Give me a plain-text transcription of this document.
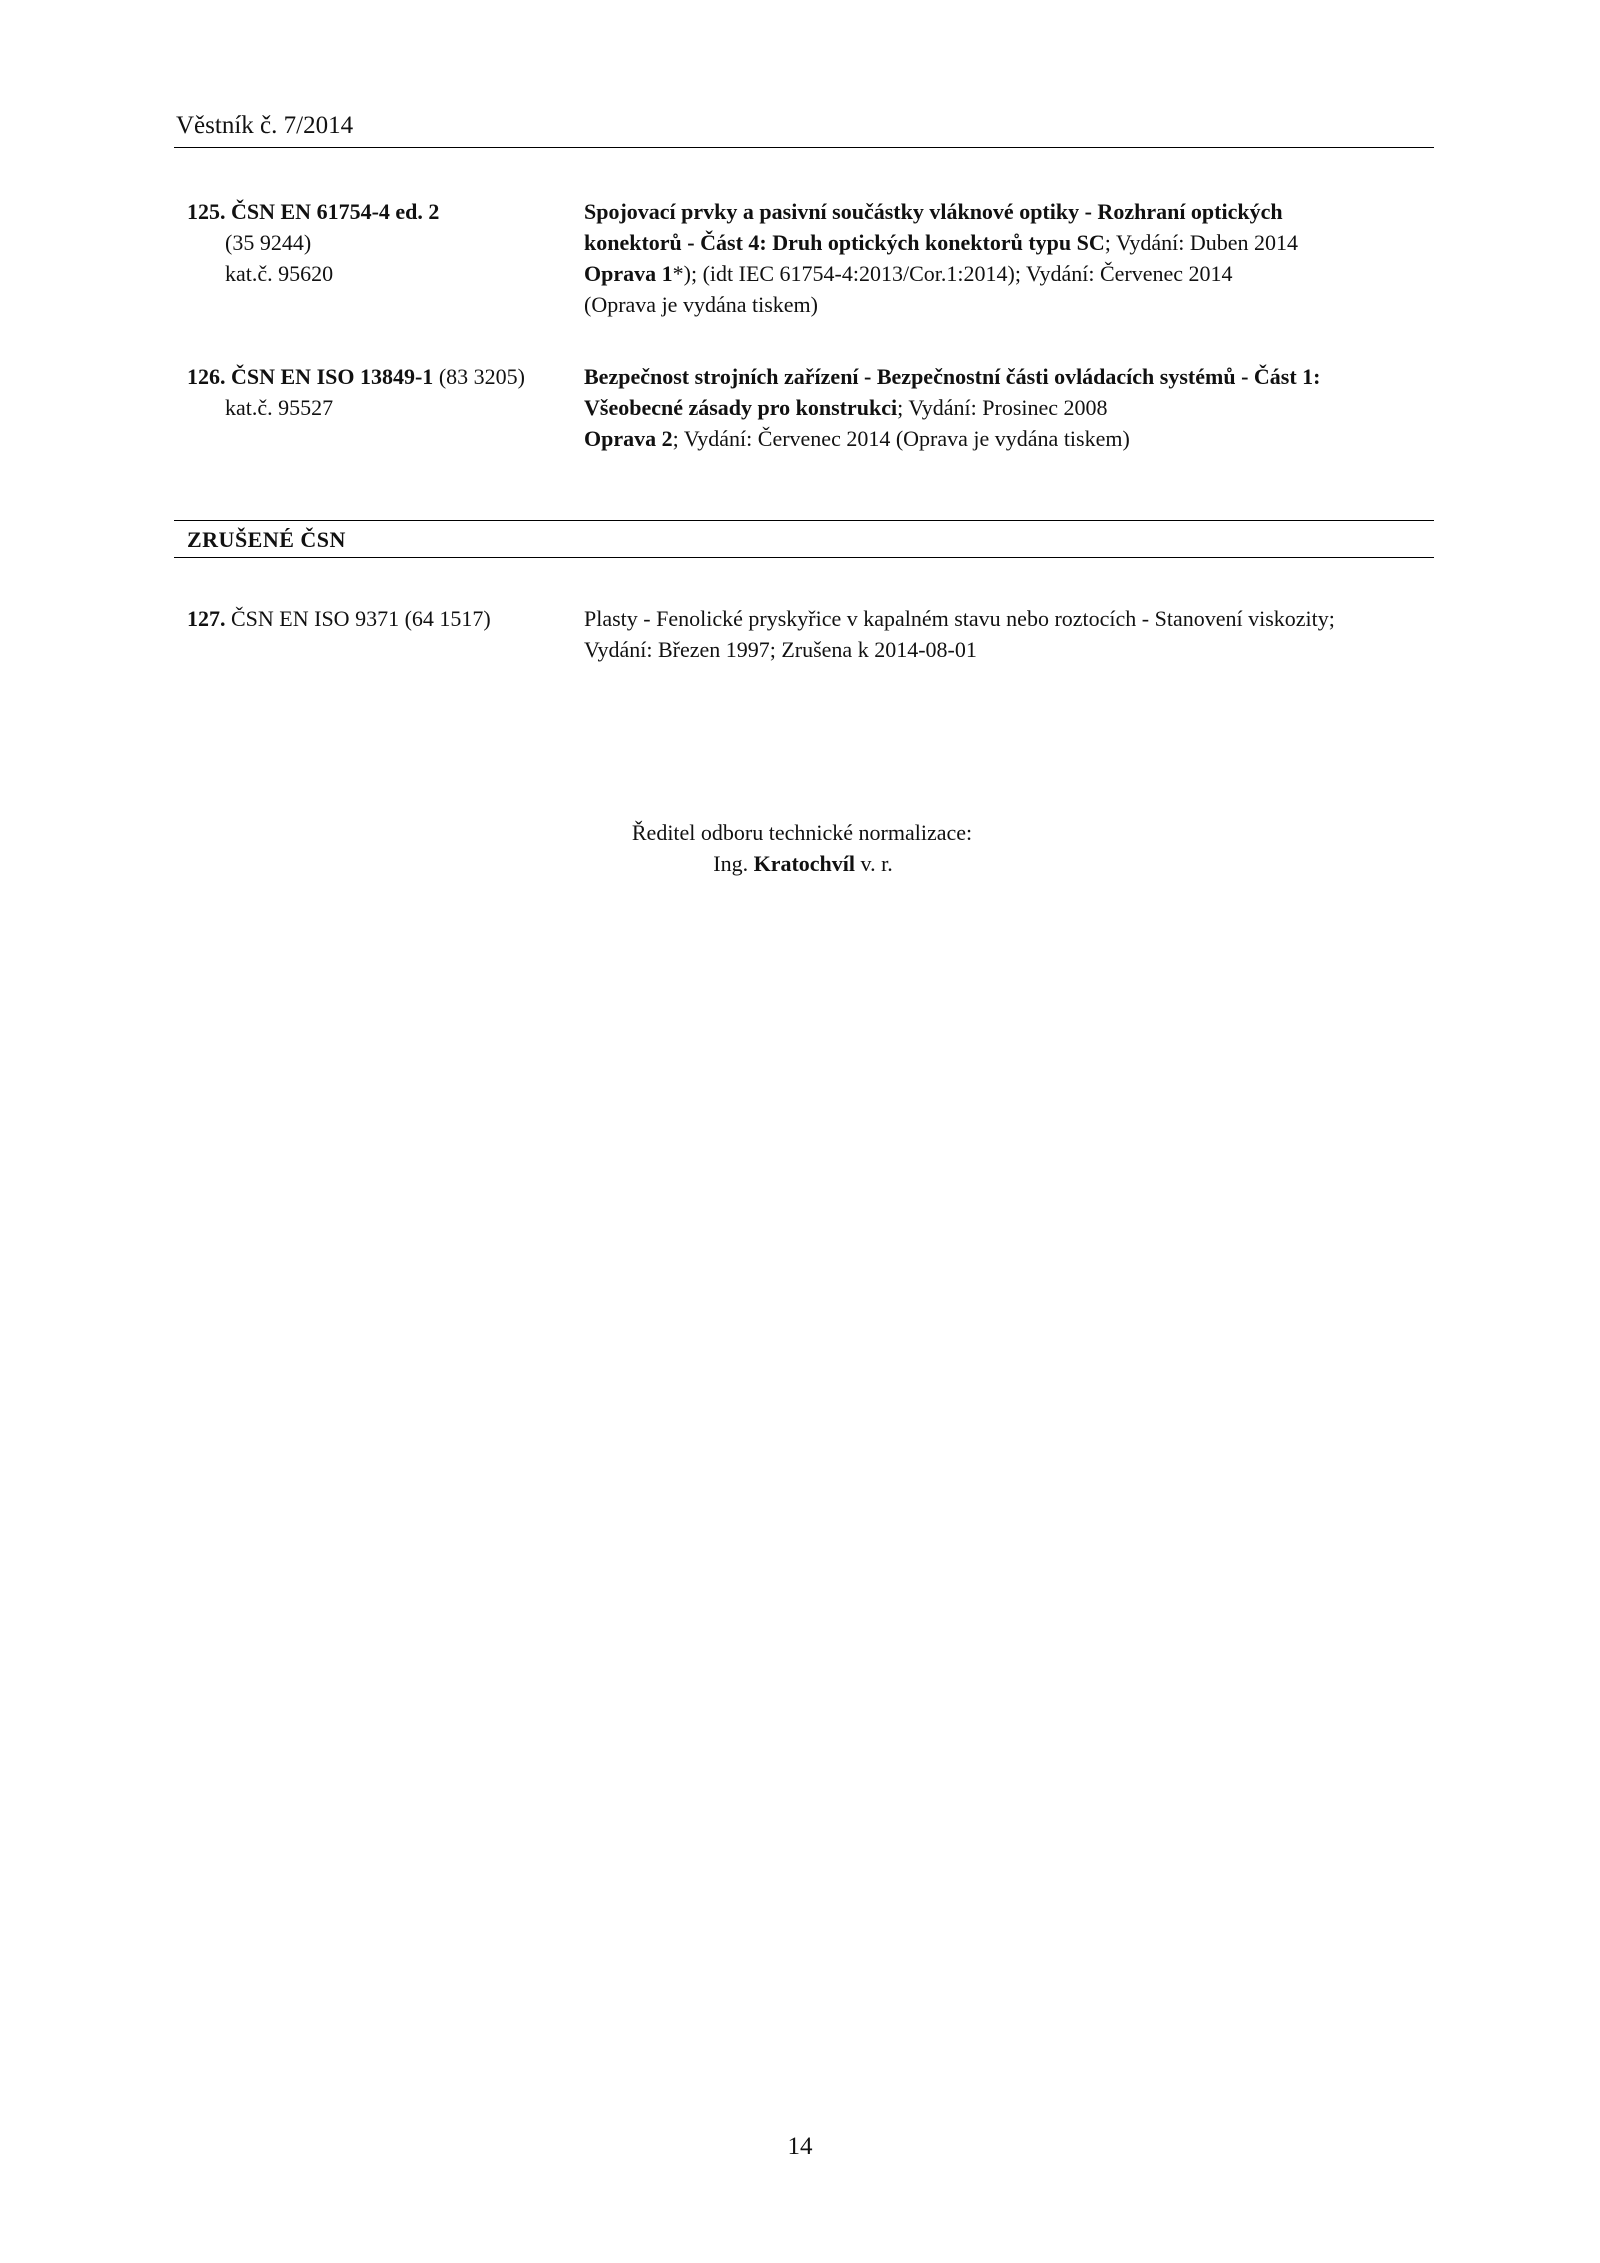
Věstník č. 7/2014
125. ČSN EN 61754-4 ed. 2
(35 9244)
kat.č. 95620
Spojovací prvky a pasivní součástky vláknové optiky - Rozhraní optických
konektorů - Část 4: Druh optických konektorů typu SC; Vydání: Duben 2014
Oprava 1*); (idt IEC 61754-4:2013/Cor.1:2014); Vydání: Červenec 2014
(Oprava je vydána tiskem)
126. ČSN EN ISO 13849-1 (83 3205)
kat.č. 95527
Bezpečnost strojních zařízení - Bezpečnostní části ovládacích systémů - Část 1:
Všeobecné zásady pro konstrukci; Vydání: Prosinec 2008
Oprava 2; Vydání: Červenec 2014 (Oprava je vydána tiskem)
ZRUŠENÉ ČSN
127. ČSN EN ISO 9371 (64 1517)	Plasty - Fenolické pryskyřice v kapalném stavu nebo roztocích - Stanovení viskozity;
Vydání: Březen 1997; Zrušena k 2014-08-01
Ředitel odboru technické normalizace:
Ing. Kratochvíl v. r.
14
